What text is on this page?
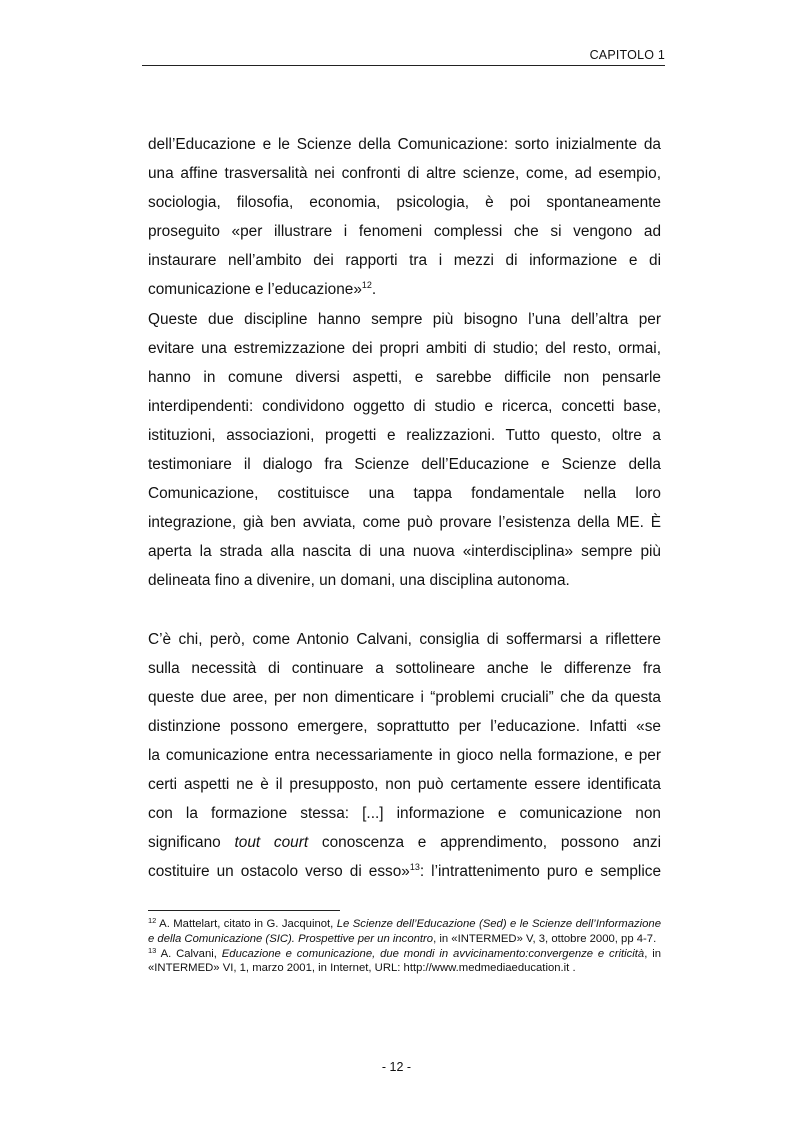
CAPITOLO 1

dell’Educazione e le Scienze della Comunicazione: sorto inizialmente da

una affine trasversalità nei confronti di altre scienze, come, ad esempio,

sociologia, filosofia, economia, psicologia, è poi spontaneamente

proseguito «per illustrare i fenomeni complessi che si vengono ad

instaurare nell’ambito dei rapporti tra i mezzi di informazione e di

comunicazione e l’educazione»$^{12}$.

Queste due discipline hanno sempre più bisogno l’una dell’altra per

evitare una estremizzazione dei propri ambiti di studio; del resto, ormai,

hanno in comune diversi aspetti, e sarebbe difficile non pensarle

interdipendenti: condividono oggetto di studio e ricerca, concetti base,

istituzioni, associazioni, progetti e realizzazioni. Tutto questo, oltre a

testimoniare il dialogo fra Scienze dell’Educazione e Scienze della

Comunicazione, costituisce una tappa fondamentale nella loro

integrazione, già ben avviata, come può provare l’esistenza della ME. È

aperta la strada alla nascita di una nuova «interdisciplina» sempre più

delineata fino a divenire, un domani, una disciplina autonoma.

C’è chi, però, come Antonio Calvani, consiglia di soffermarsi a riflettere

sulla necessità di continuare a sottolineare anche le differenze fra

queste due aree, per non dimenticare i “problemi cruciali” che da questa

distinzione possono emergere, soprattutto per l’educazione. Infatti «se

la comunicazione entra necessariamente in gioco nella formazione, e per

certi aspetti ne è il presupposto, non può certamente essere identificata

con la formazione stessa: [...] informazione e comunicazione non

significano tout court conoscenza e apprendimento, possono anzi

costituire un ostacolo verso di esso»$^{13}$: l’intrattenimento puro e semplice

$^{12}$ A. Mattelart, citato in G. Jacquinot, Le Scienze dell’Educazione (Sed) e le Scienze dell’Informazione e della Comunicazione (SIC). Prospettive per un incontro, in «INTERMED» V, 3, ottobre 2000, pp 4-7.

$^{13}$ A. Calvani, Educazione e comunicazione, due mondi in avvicinamento:convergenze e criticità, in «INTERMED» VI, 1, marzo 2001, in Internet, URL: http://www.medmediaeducation.it .

- 12 -
